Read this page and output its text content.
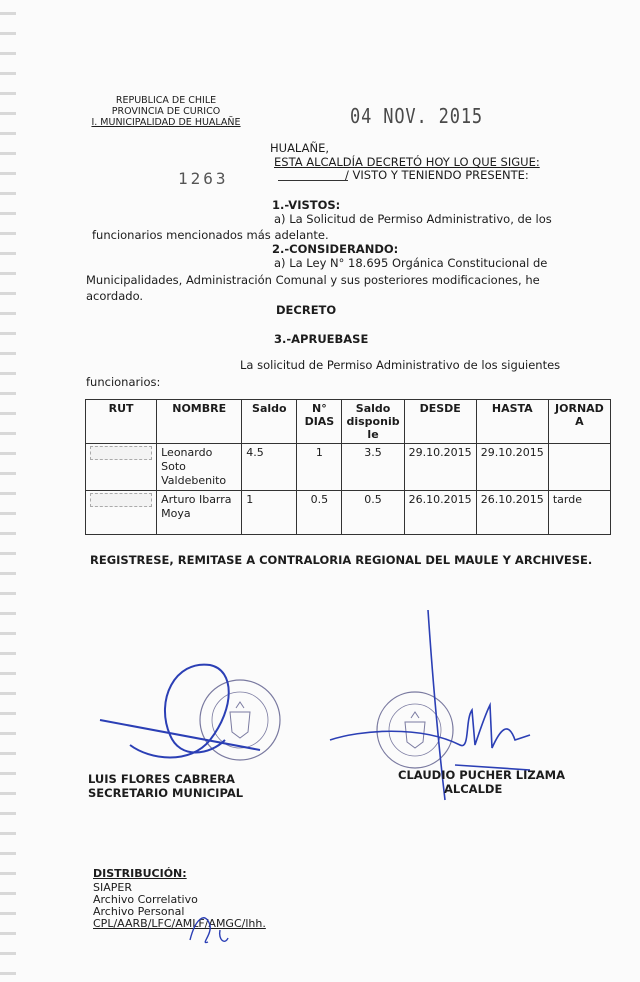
REPUBLICA DE CHILE
PROVINCIA DE CURICO
I. MUNICIPALIDAD DE HUALAÑE	04 NOV. 2015
HUALAÑE,
ESTA ALCALDÍA DECRETÓ HOY LO QUE SIGUE:
1263	/ VISTO Y TENIENDO PRESENTE:
1.-VISTOS:
a) La Solicitud de Permiso Administrativo, de los
funcionarios mencionados más adelante.
2.-CONSIDERANDO:
a) La Ley N° 18.695 Orgánica Constitucional de
Municipalidades, Administración Comunal y sus posteriores modificaciones, he
acordado.
DECRETO
3.-APRUEBASE
La solicitud de Permiso Administrativo de los siguientes
funcionarios:
RUT	NOMBRE	Saldo	N° DIAS	Saldo disponib le	DESDE	HASTA	JORNAD A
	Leonardo Soto Valdebenito	4.5	1	3.5	29.10.2015	29.10.2015	
	Arturo Ibarra Moya	1	0.5	0.5	26.10.2015	26.10.2015	tarde
REGISTRESE, REMITASE A CONTRALORIA REGIONAL DEL MAULE Y ARCHIVESE.
LUIS FLORES CABRERA
SECRETARIO MUNICIPAL
CLAUDIO PUCHER LIZAMA
ALCALDE
DISTRIBUCIÓN:
SIAPER
Archivo Correlativo
Archivo Personal
CPL/AARB/LFC/AMLF/AMGC/lhh.
